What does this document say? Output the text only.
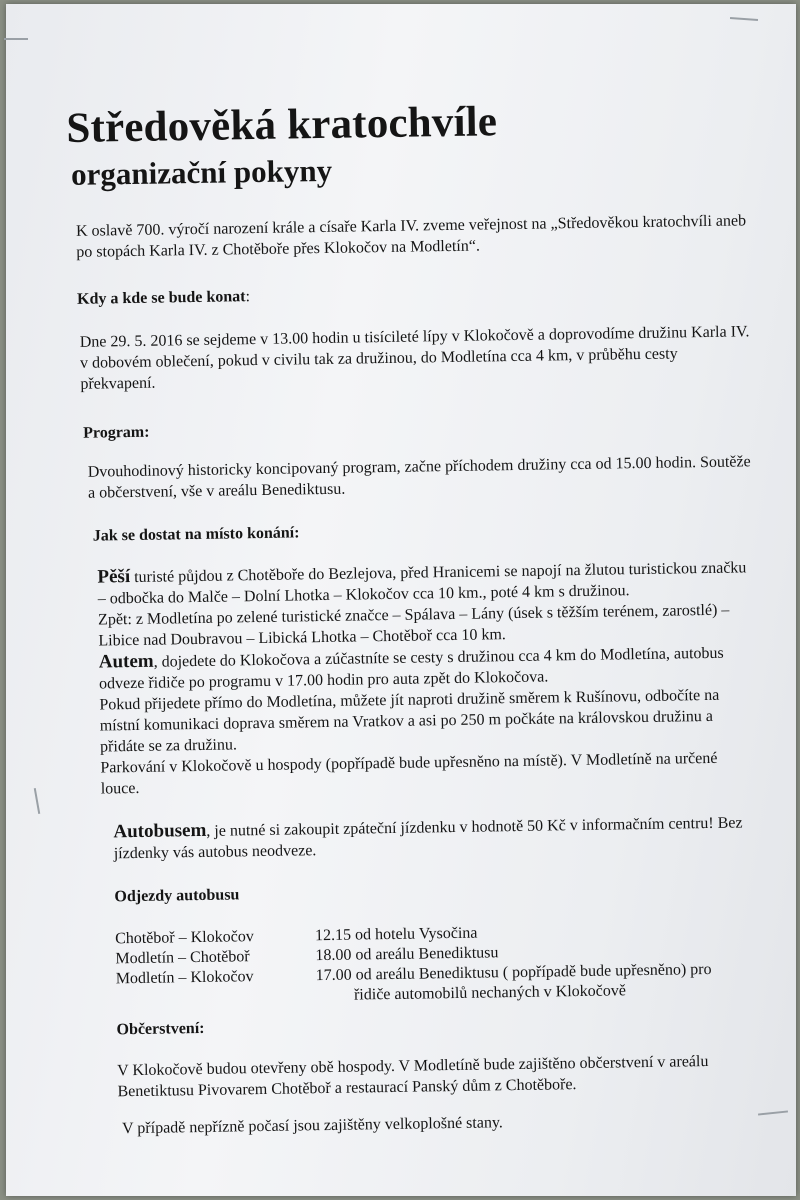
Středověká kratochvíle
organizační pokyny

K oslavě 700. výročí narození krále a císaře Karla IV. zveme veřejnost na „Středověkou kratochvíli aneb po stopách Karla IV. z Chotěboře přes Klokočov na Modletín“.

Kdy a kde se bude konat:

Dne 29. 5. 2016 se sejdeme v 13.00 hodin u tisícileté lípy v Klokočově a doprovodíme družinu Karla IV. v dobovém oblečení, pokud v civilu tak za družinou, do Modletína cca 4 km, v průběhu cesty překvapení.

Program:

Dvouhodinový historicky koncipovaný program, začne příchodem družiny cca od 15.00 hodin. Soutěže a občerstvení, vše v areálu Benediktusu.

Jak se dostat na místo konání:

Pěší turisté půjdou z Chotěboře do Bezlejova, před Hranicemi se napojí na žlutou turistickou značku – odbočka do Malče – Dolní Lhotka – Klokočov cca 10 km., poté 4 km s družinou.

Zpět: z Modletína po zelené turistické značce – Spálava – Lány (úsek s těžším terénem, zarostlé) – Libice nad Doubravou – Libická Lhotka – Chotěboř cca 10 km.

Autem, dojedete do Klokočova a zúčastníte se cesty s družinou cca 4 km do Modletína, autobus odveze řidiče po programu v 17.00 hodin pro auta zpět do Klokočova.

Pokud přijedete přímo do Modletína, můžete jít naproti družině směrem k Rušínovu, odbočíte na místní komunikaci doprava směrem na Vratkov a asi po 250 m počkáte na královskou družinu a přidáte se za družinu.

Parkování v Klokočově u hospody (popřípadě bude upřesněno na místě). V Modletíně na určené louce.

Autobusem, je nutné si zakoupit zpáteční jízdenku v hodnotě 50 Kč v informačním centru! Bez jízdenky vás autobus neodveze.

Odjezdy autobusu

Chotěboř – Klokočov	12.15 od hotelu Vysočina
Modletín – Chotěboř	18.00 od areálu Benediktusu
Modletín – Klokočov	17.00 od areálu Benediktusu ( popřípadě bude upřesněno) pro
řidiče automobilů nechaných v Klokočově

Občerstvení:

V Klokočově budou otevřeny obě hospody. V Modletíně bude zajištěno občerstvení v areálu Benetiktusu Pivovarem Chotěboř a restaurací Panský dům z Chotěboře.

V případě nepřízně počasí jsou zajištěny velkoplošné stany.
